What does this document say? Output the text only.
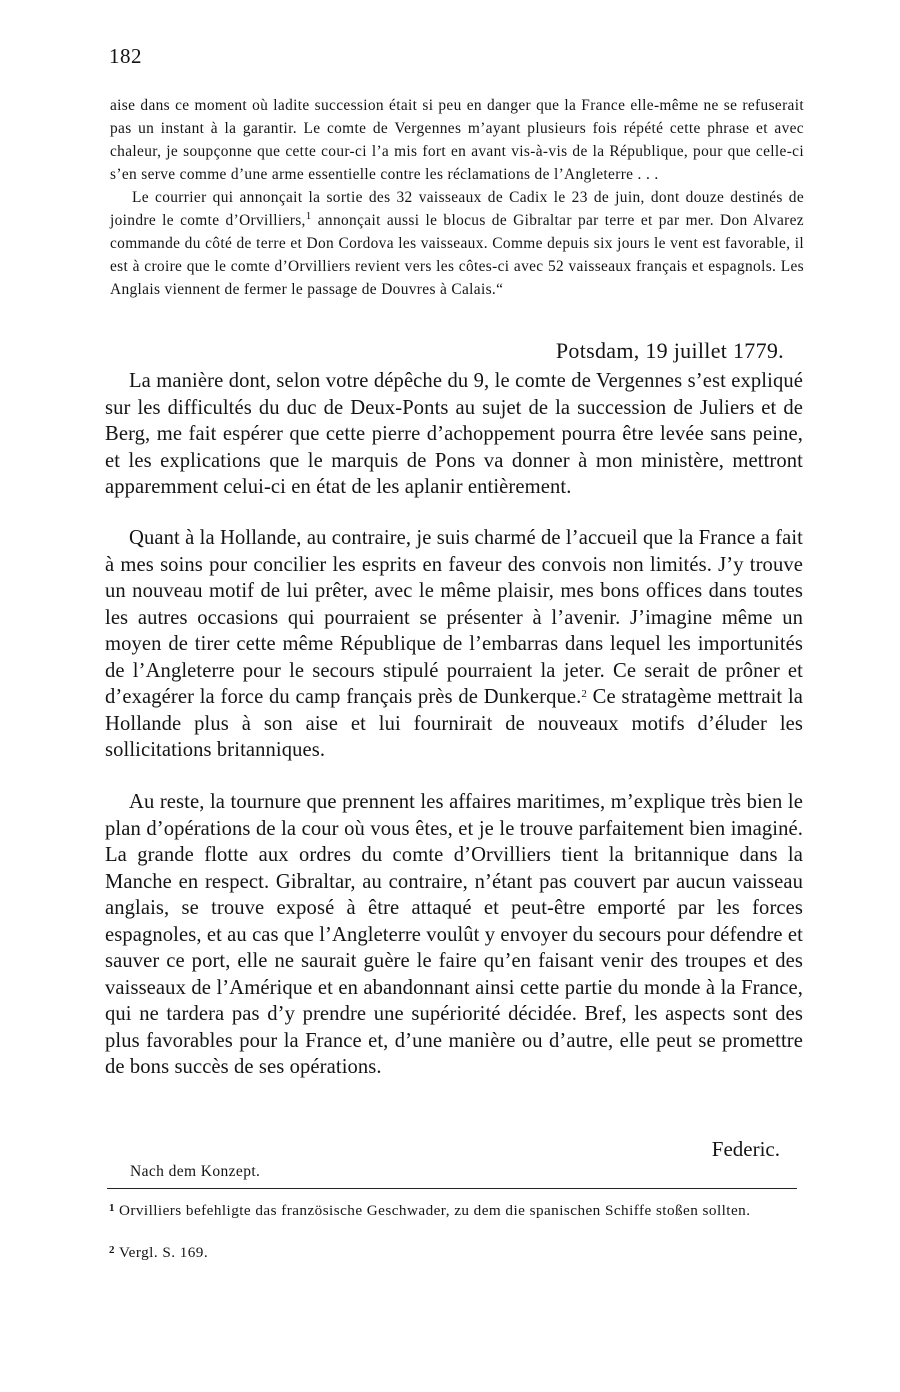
182

aise dans ce moment où ladite succession était si peu en danger que la France elle-même ne se refuserait pas un instant à la garantir. Le comte de Vergennes m’ayant plusieurs fois répété cette phrase et avec chaleur, je soupçonne que cette cour-ci l’a mis fort en avant vis-à-vis de la République, pour que celle-ci s’en serve comme d’une arme essentielle contre les réclamations de l’Angleterre . . .

Le courrier qui annonçait la sortie des 32 vaisseaux de Cadix le 23 de juin, dont douze destinés de joindre le comte d’Orvilliers,$^1$ annonçait aussi le blocus de Gibraltar par terre et par mer. Don Alvarez commande du côté de terre et Don Cordova les vaisseaux. Comme depuis six jours le vent est favorable, il est à croire que le comte d’Orvilliers revient vers les côtes-ci avec 52 vaisseaux français et espagnols. Les Anglais viennent de fermer le passage de Douvres à Calais.“

Potsdam, 19 juillet 1779.

La manière dont, selon votre dépêche du 9, le comte de Vergennes s’est expliqué sur les difficultés du duc de Deux-Ponts au sujet de la succession de Juliers et de Berg, me fait espérer que cette pierre d’achoppement pourra être levée sans peine, et les explications que le marquis de Pons va donner à mon ministère, mettront apparemment celui-ci en état de les aplanir entièrement.

Quant à la Hollande, au contraire, je suis charmé de l’accueil que la France a fait à mes soins pour concilier les esprits en faveur des convois non limités. J’y trouve un nouveau motif de lui prêter, avec le même plaisir, mes bons offices dans toutes les autres occasions qui pourraient se présenter à l’avenir. J’imagine même un moyen de tirer cette même République de l’embarras dans lequel les importunités de l’Angleterre pour le secours stipulé pourraient la jeter. Ce serait de prôner et d’exagérer la force du camp français près de Dunkerque.$^2$ Ce stratagème mettrait la Hollande plus à son aise et lui fournirait de nouveaux motifs d’éluder les sollicitations britanniques.

Au reste, la tournure que prennent les affaires maritimes, m’explique très bien le plan d’opérations de la cour où vous êtes, et je le trouve parfaitement bien imaginé. La grande flotte aux ordres du comte d’Orvilliers tient la britannique dans la Manche en respect. Gibraltar, au contraire, n’étant pas couvert par aucun vaisseau anglais, se trouve exposé à être attaqué et peut-être emporté par les forces espagnoles, et au cas que l’Angleterre voulût y envoyer du secours pour défendre et sauver ce port, elle ne saurait guère le faire qu’en faisant venir des troupes et des vaisseaux de l’Amérique et en abandonnant ainsi cette partie du monde à la France, qui ne tardera pas d’y prendre une supériorité décidée. Bref, les aspects sont des plus favorables pour la France et, d’une manière ou d’autre, elle peut se promettre de bons succès de ses opérations.

Federic.
Nach dem Konzept.
$^1$ Orvilliers befehligte das französische Geschwader, zu dem die spanischen Schiffe stoßen sollten.
$^2$ Vergl. S. 169.
